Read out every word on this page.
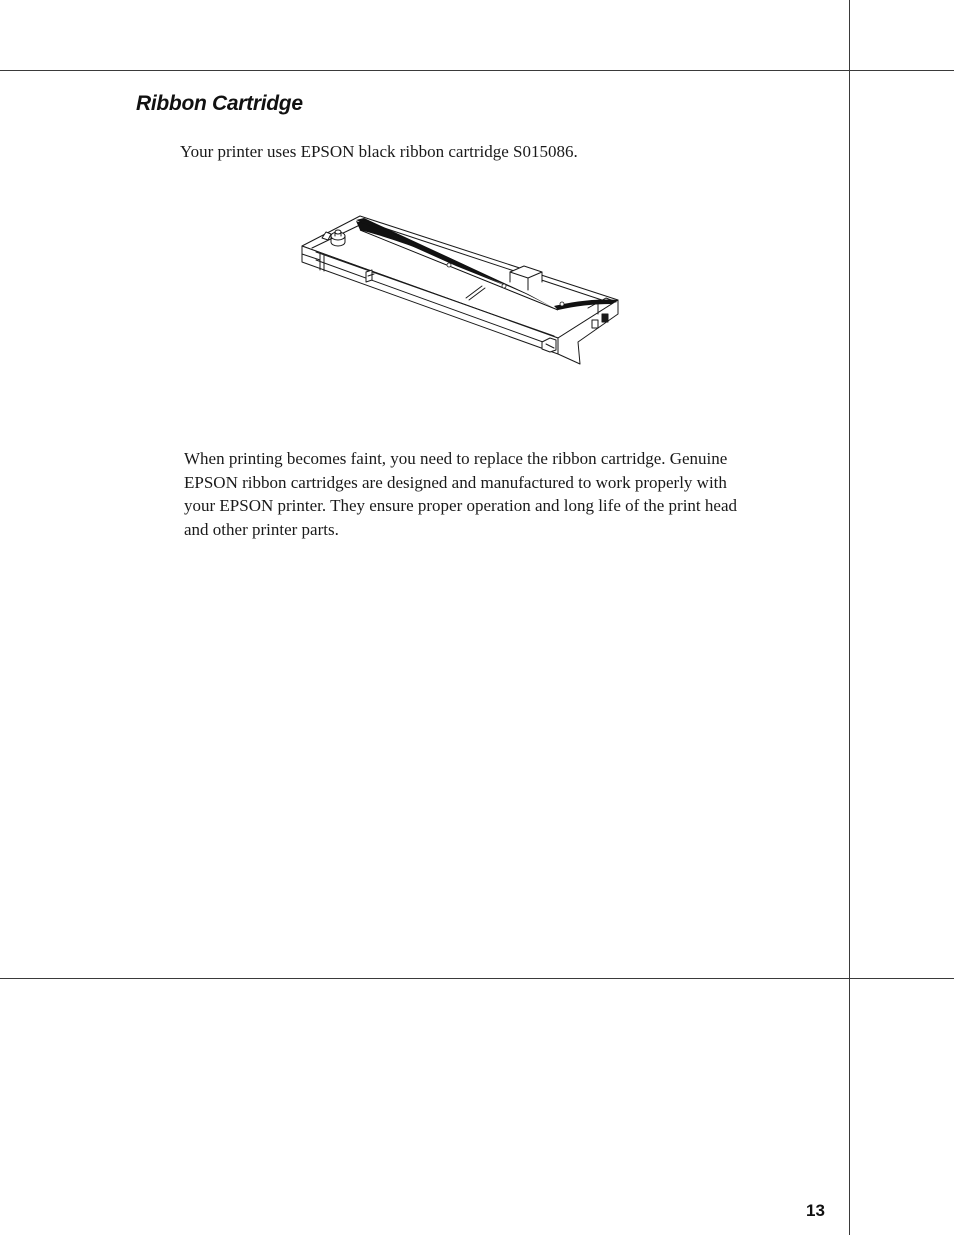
Ribbon Cartridge

Your printer uses EPSON black ribbon cartridge S015086.

When printing becomes faint, you need to replace the ribbon cartridge. Genuine
EPSON ribbon cartridges are designed and manufactured to work properly with
your EPSON printer. They ensure proper operation and long life of the print head
and other printer parts.

13
